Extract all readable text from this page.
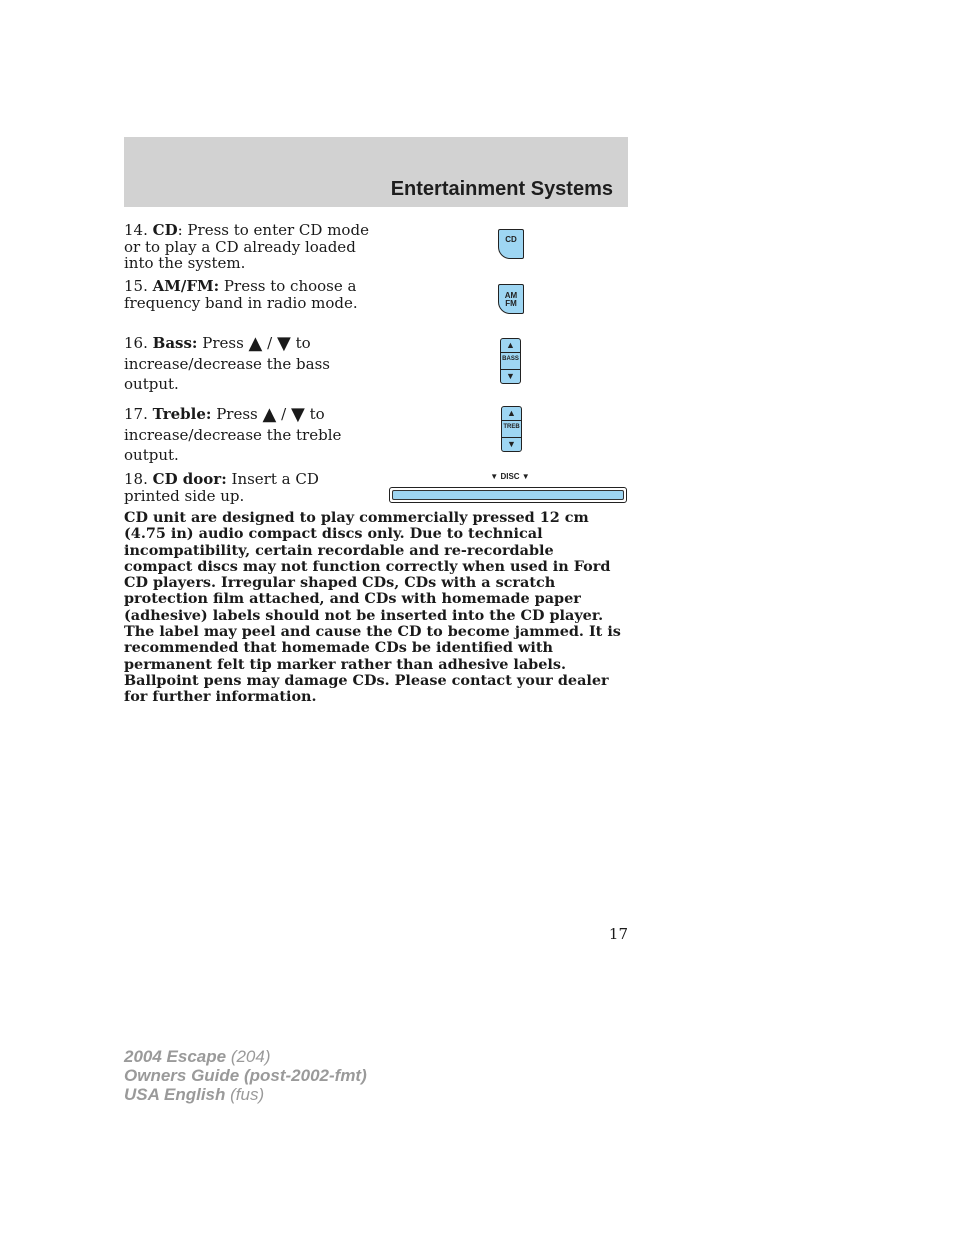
Entertainment Systems
14. CD: Press to enter CD mode or to play a CD already loaded into the system.
CD
15. AM/FM: Press to choose a frequency band in radio mode.	AM
FM
16. Bass: Press ▲ / ▼ to increase/decrease the bass output.
▲
BASS
▼
17. Treble: Press ▲ / ▼ to increase/decrease the treble output.
▲
TREB
▼
18. CD door: Insert a CD printed side up.
▼ DISC ▼
CD unit are designed to play commercially pressed 12 cm (4.75 in) audio compact discs only. Due to technical incompatibility, certain recordable and re-recordable compact discs may not function correctly when used in Ford CD players. Irregular shaped CDs, CDs with a scratch protection film attached, and CDs with homemade paper (adhesive) labels should not be inserted into the CD player. The label may peel and cause the CD to become jammed. It is recommended that homemade CDs be identified with permanent felt tip marker rather than adhesive labels. Ballpoint pens may damage CDs. Please contact your dealer for further information.
17
2004 Escape (204)
Owners Guide (post-2002-fmt)
USA English (fus)
